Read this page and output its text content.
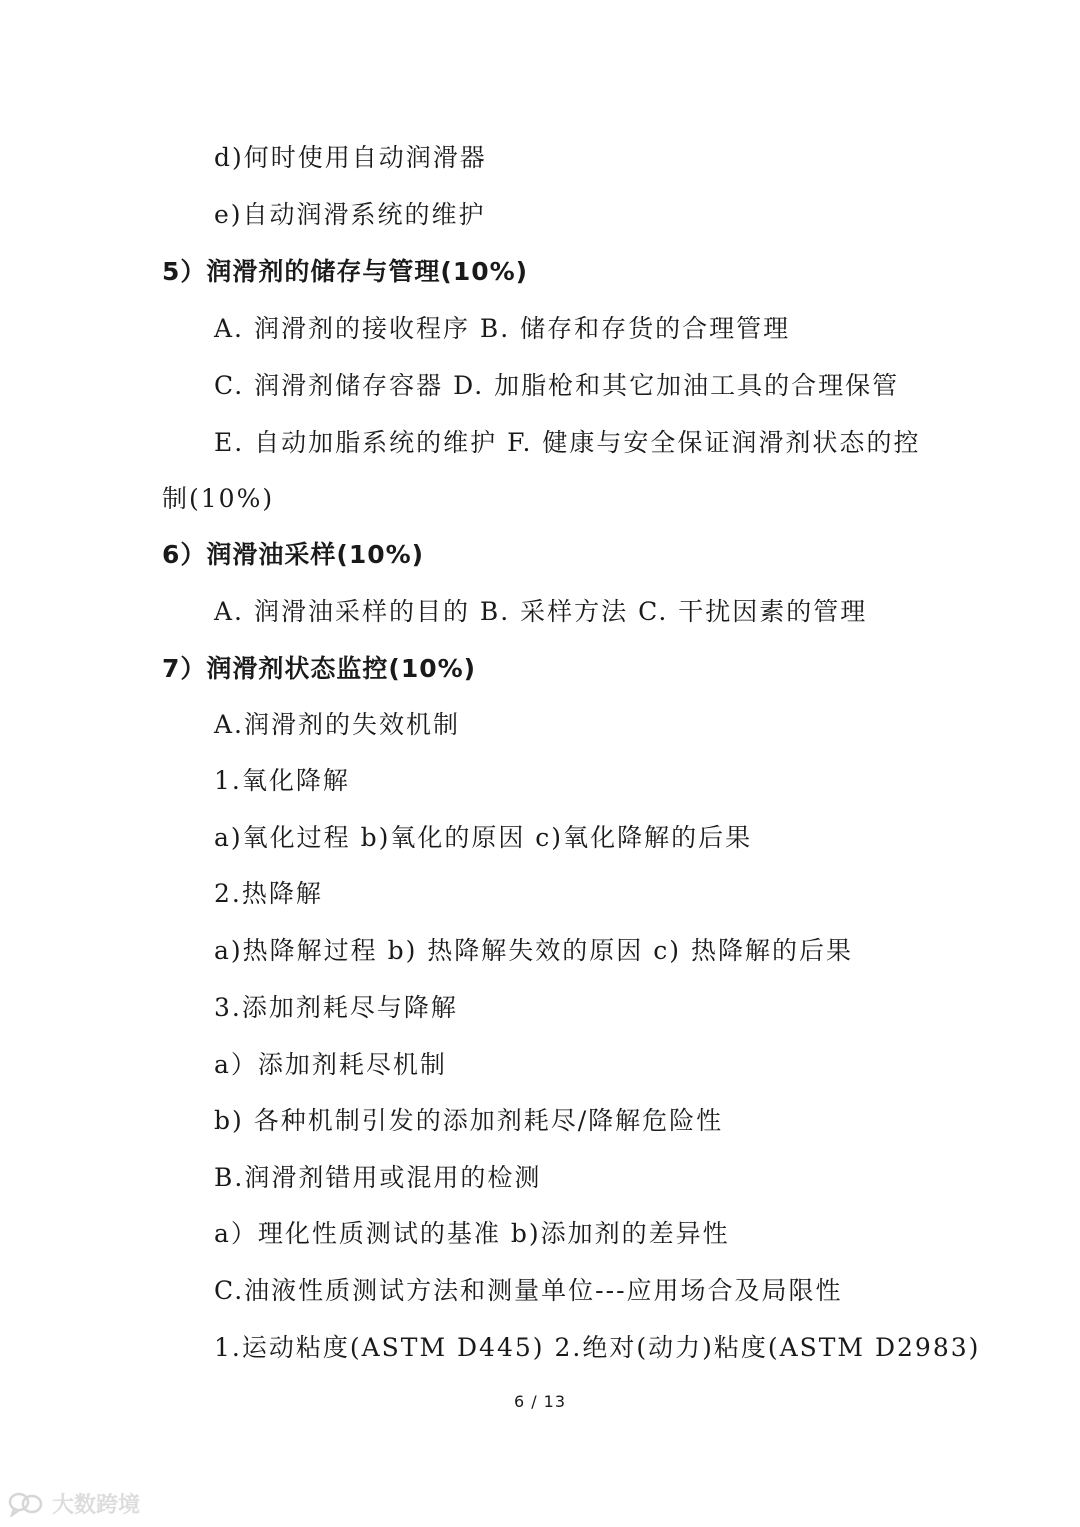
d)何时使用自动润滑器
e)自动润滑系统的维护
5）润滑剂的储存与管理(10%)
A. 润滑剂的接收程序 B. 储存和存货的合理管理
C. 润滑剂储存容器 D. 加脂枪和其它加油工具的合理保管
E. 自动加脂系统的维护 F. 健康与安全保证润滑剂状态的控
制(10%)
6）润滑油采样(10%)
A. 润滑油采样的目的 B. 采样方法 C. 干扰因素的管理
7）润滑剂状态监控(10%)
A.润滑剂的失效机制
1.氧化降解
a)氧化过程 b)氧化的原因 c)氧化降解的后果
2.热降解
a)热降解过程 b) 热降解失效的原因 c) 热降解的后果
3.添加剂耗尽与降解
a）添加剂耗尽机制
b) 各种机制引发的添加剂耗尽/降解危险性
B.润滑剂错用或混用的检测
a）理化性质测试的基准 b)添加剂的差异性
C.油液性质测试方法和测量单位---应用场合及局限性
1.运动粘度(ASTM D445) 2.绝对(动力)粘度(ASTM D2983)
6 / 13
大数跨境
